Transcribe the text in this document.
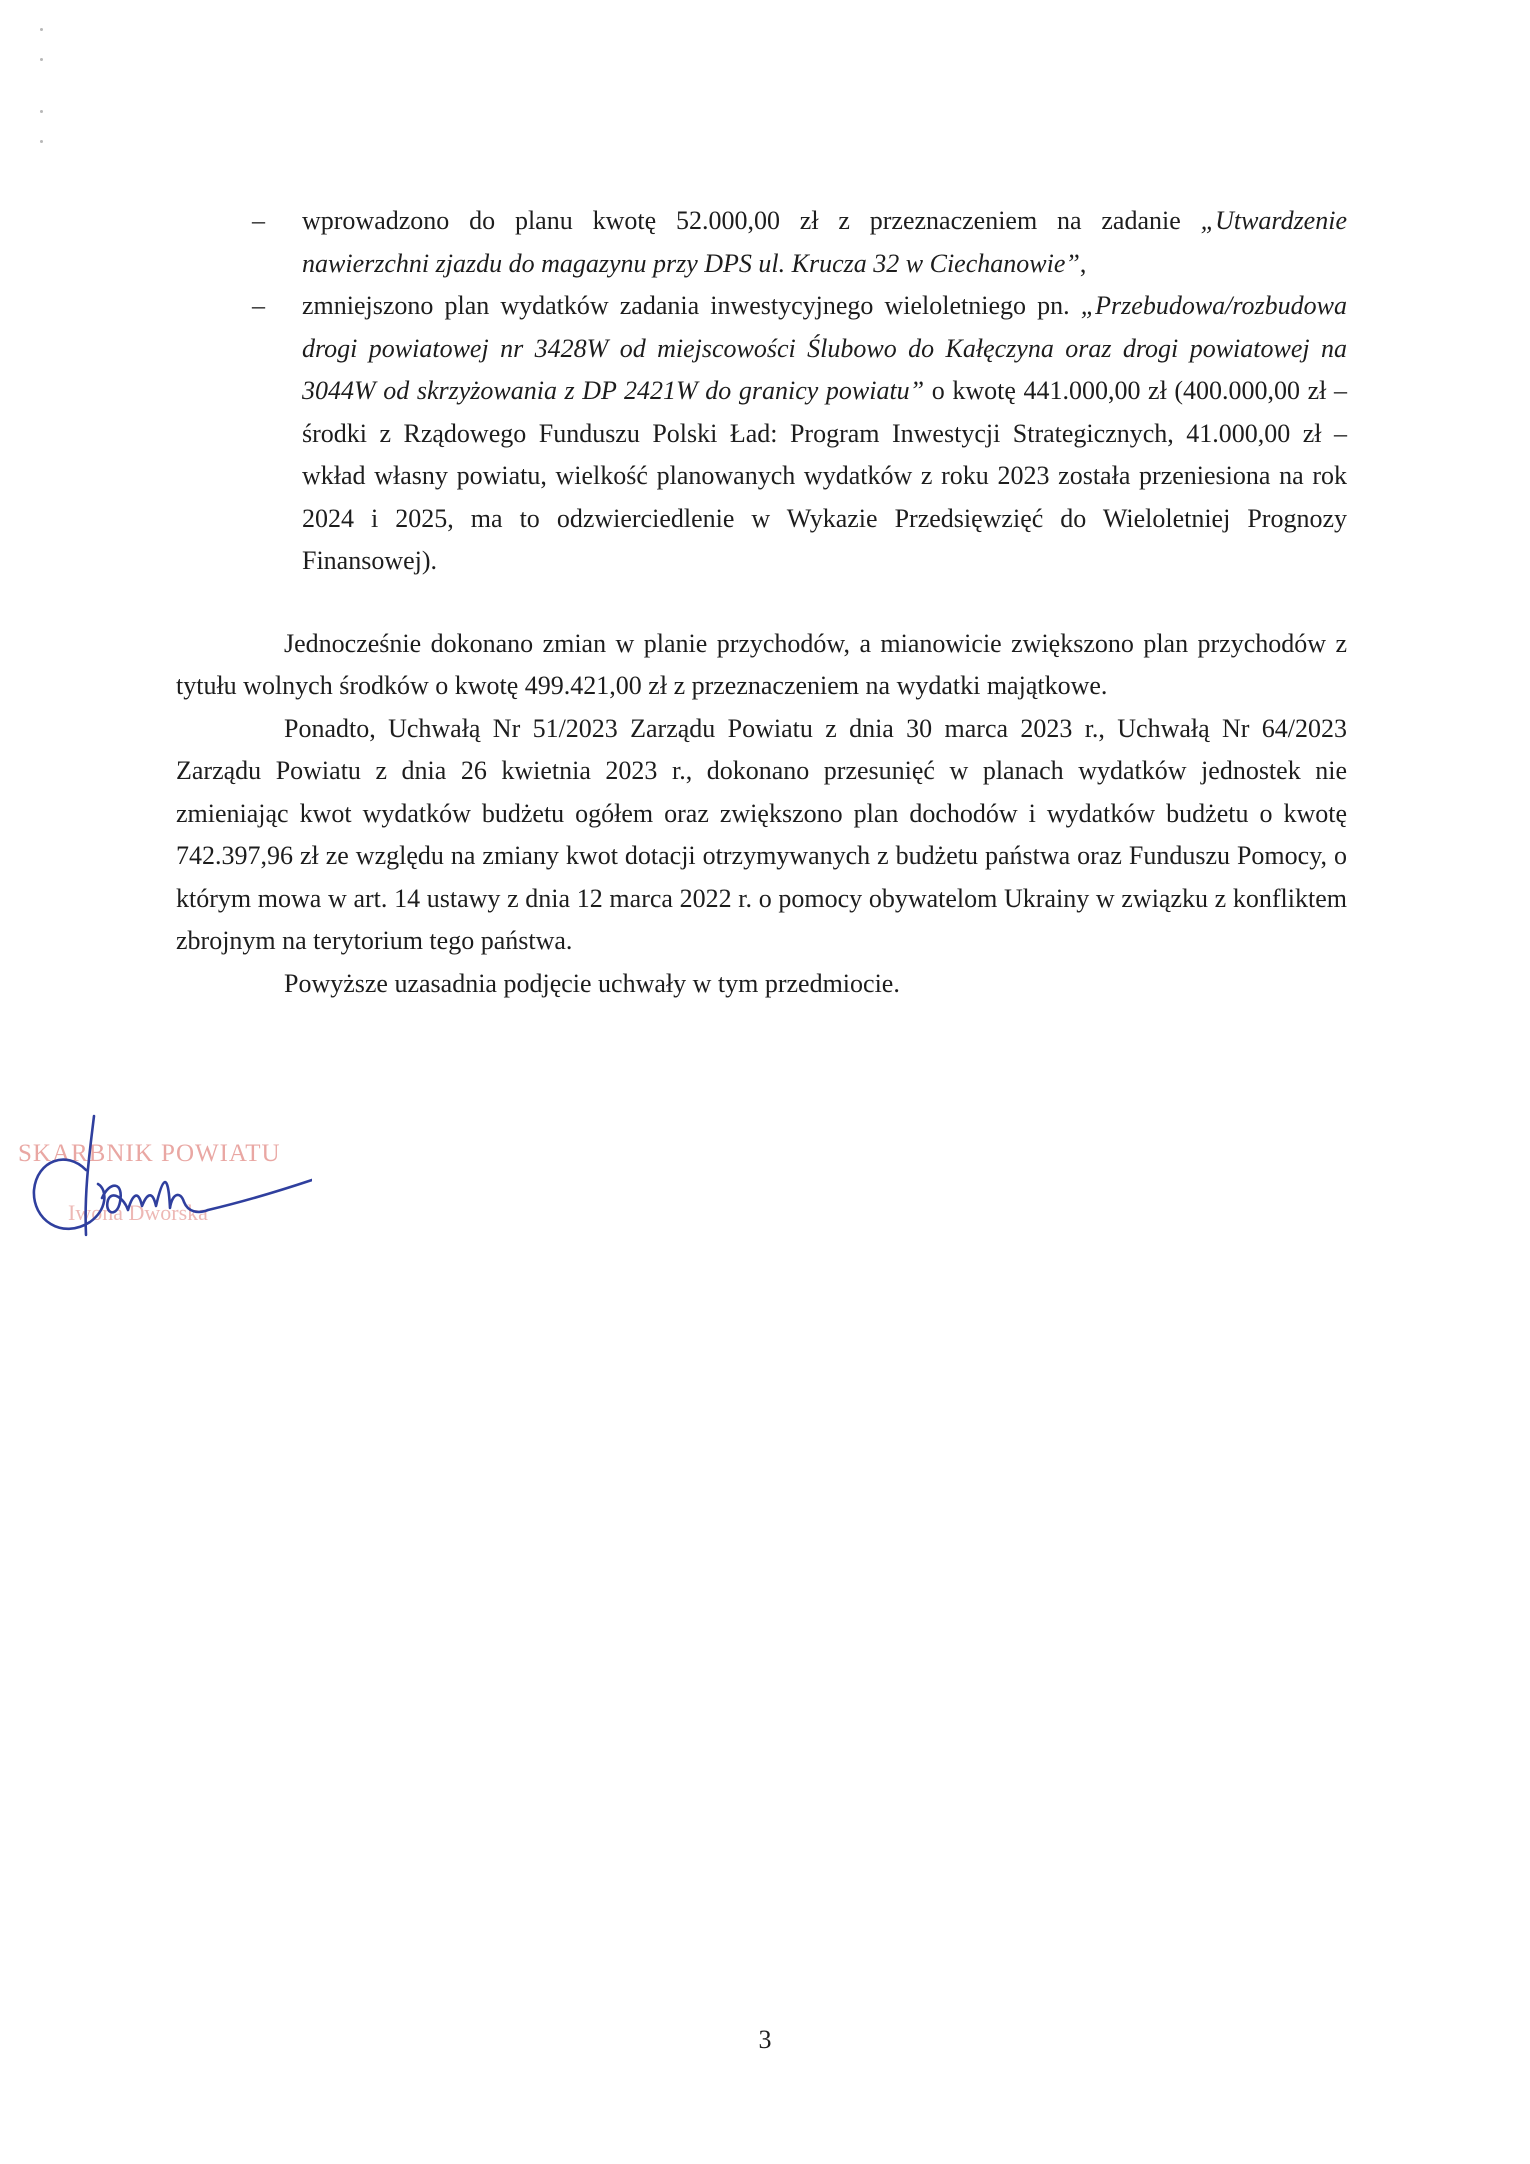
– wprowadzono do planu kwotę 52.000,00 zł z przeznaczeniem na zadanie „Utwardzenie nawierzchni zjazdu do magazynu przy DPS ul. Krucza 32 w Ciechanowie”,
– zmniejszono plan wydatków zadania inwestycyjnego wieloletniego pn. „Przebudowa/rozbudowa drogi powiatowej nr 3428W od miejscowości Ślubowo do Kałęczyna oraz drogi powiatowej na 3044W od skrzyżowania z DP 2421W do granicy powiatu” o kwotę 441.000,00 zł (400.000,00 zł – środki z Rządowego Funduszu Polski Ład: Program Inwestycji Strategicznych, 41.000,00 zł – wkład własny powiatu, wielkość planowanych wydatków z roku 2023 została przeniesiona na rok 2024 i 2025, ma to odzwierciedlenie w Wykazie Przedsięwzięć do Wieloletniej Prognozy Finansowej).

Jednocześnie dokonano zmian w planie przychodów, a mianowicie zwiększono plan przychodów z tytułu wolnych środków o kwotę 499.421,00 zł z przeznaczeniem na wydatki majątkowe.

Ponadto, Uchwałą Nr 51/2023 Zarządu Powiatu z dnia 30 marca 2023 r., Uchwałą Nr 64/2023 Zarządu Powiatu z dnia 26 kwietnia 2023 r., dokonano przesunięć w planach wydatków jednostek nie zmieniając kwot wydatków budżetu ogółem oraz zwiększono plan dochodów i wydatków budżetu o kwotę 742.397,96 zł ze względu na zmiany kwot dotacji otrzymywanych z budżetu państwa oraz Funduszu Pomocy, o którym mowa w art. 14 ustawy z dnia 12 marca 2022 r. o pomocy obywatelom Ukrainy w związku z konfliktem zbrojnym na terytorium tego państwa.

Powyższe uzasadnia podjęcie uchwały w tym przedmiocie.

SKARBNIK POWIATU
Iwona Dworska
3
